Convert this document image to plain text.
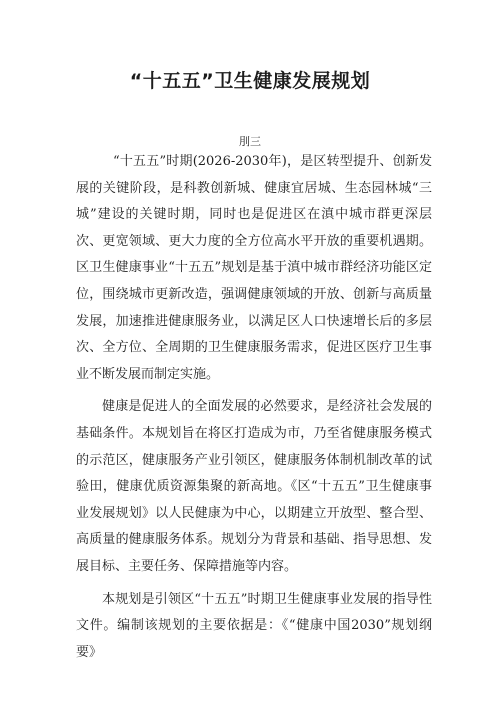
“十五五”卫生健康发展规划
刖三

“十五五”时期(2026-2030年)，是区转型提升、创新发展的关键阶段，是科教创新城、健康宜居城、生态园林城“三城”建设的关键时期，同时也是促进区在滇中城市群更深层次、更宽领域、更大力度的全方位高水平开放的重要机遇期。区卫生健康事业“十五五”规划是基于滇中城市群经济功能区定位，围绕城市更新改造，强调健康领域的开放、创新与高质量发展，加速推进健康服务业，以满足区人口快速增长后的多层次、全方位、全周期的卫生健康服务需求，促进区医疗卫生事业不断发展而制定实施。

健康是促进人的全面发展的必然要求，是经济社会发展的基础条件。本规划旨在将区打造成为市，乃至省健康服务模式的示范区，健康服务产业引领区，健康服务体制机制改革的试验田，健康优质资源集聚的新高地。《区“十五五”卫生健康事业发展规划》以人民健康为中心，以期建立开放型、整合型、高质量的健康服务体系。规划分为背景和基础、指导思想、发展目标、主要任务、保障措施等内容。

本规划是引领区“十五五”时期卫生健康事业发展的指导性文件。编制该规划的主要依据是：《“健康中国2030”规划纲要》
